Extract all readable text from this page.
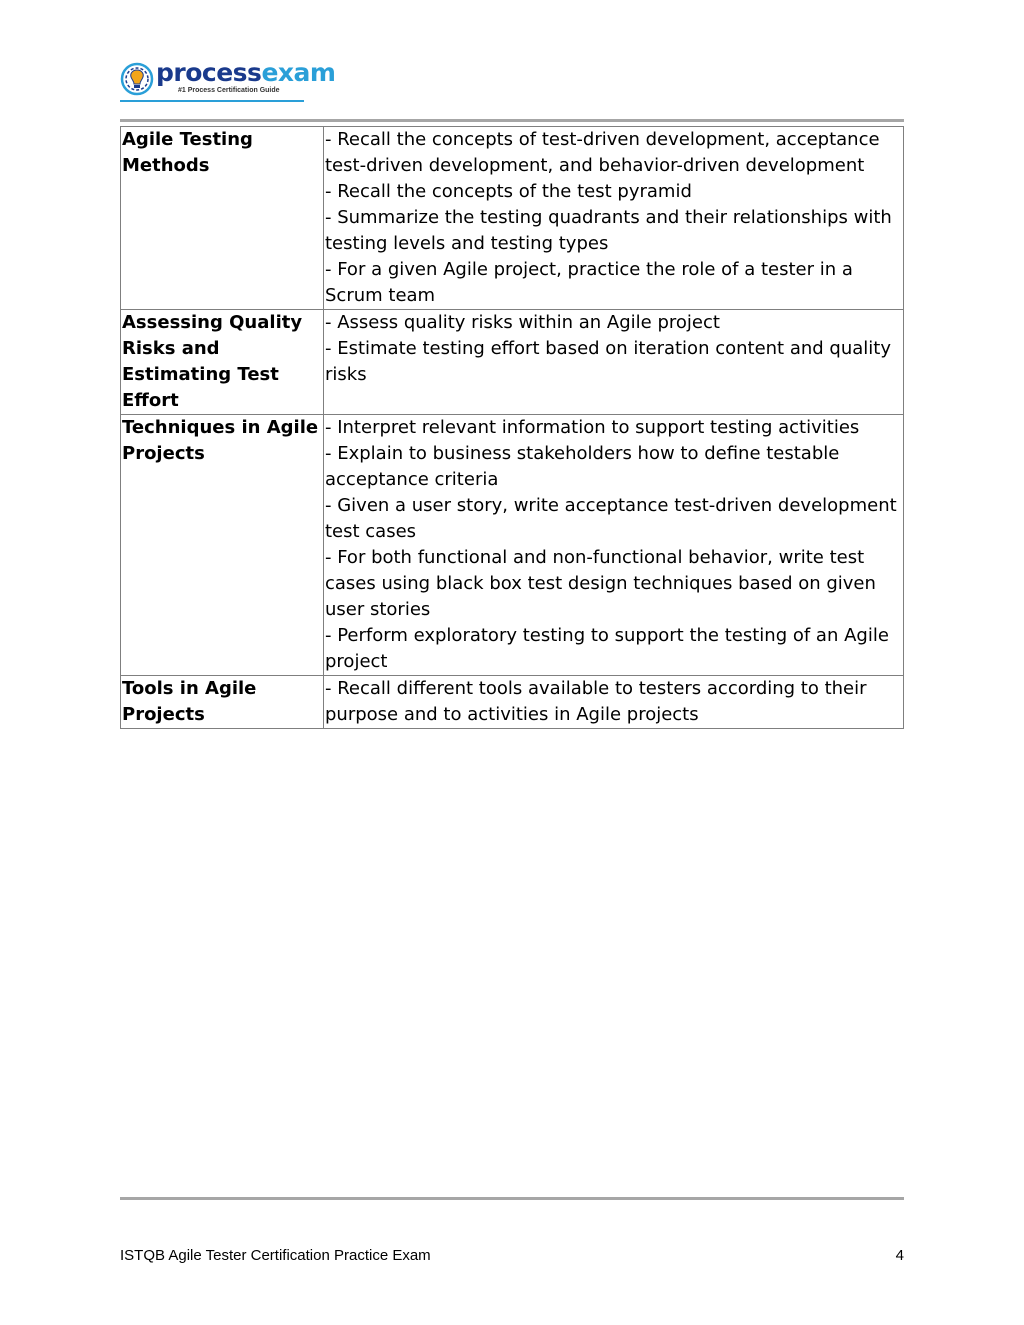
processexam
#1 Process Certification Guide
Agile Testing Methods	- Recall the concepts of test-driven development, acceptance test-driven development, and behavior-driven development
- Recall the concepts of the test pyramid
- Summarize the testing quadrants and their relationships with testing levels and testing types
- For a given Agile project, practice the role of a tester in a Scrum team

Assessing Quality Risks and Estimating Test Effort	- Assess quality risks within an Agile project
- Estimate testing effort based on iteration content and quality risks

Techniques in Agile Projects	- Interpret relevant information to support testing activities
- Explain to business stakeholders how to define testable acceptance criteria
- Given a user story, write acceptance test-driven development test cases
- For both functional and non-functional behavior, write test cases using black box test design techniques based on given user stories
- Perform exploratory testing to support the testing of an Agile project

Tools in Agile Projects	- Recall different tools available to testers according to their purpose and to activities in Agile projects
ISTQB Agile Tester Certification Practice Exam	4
